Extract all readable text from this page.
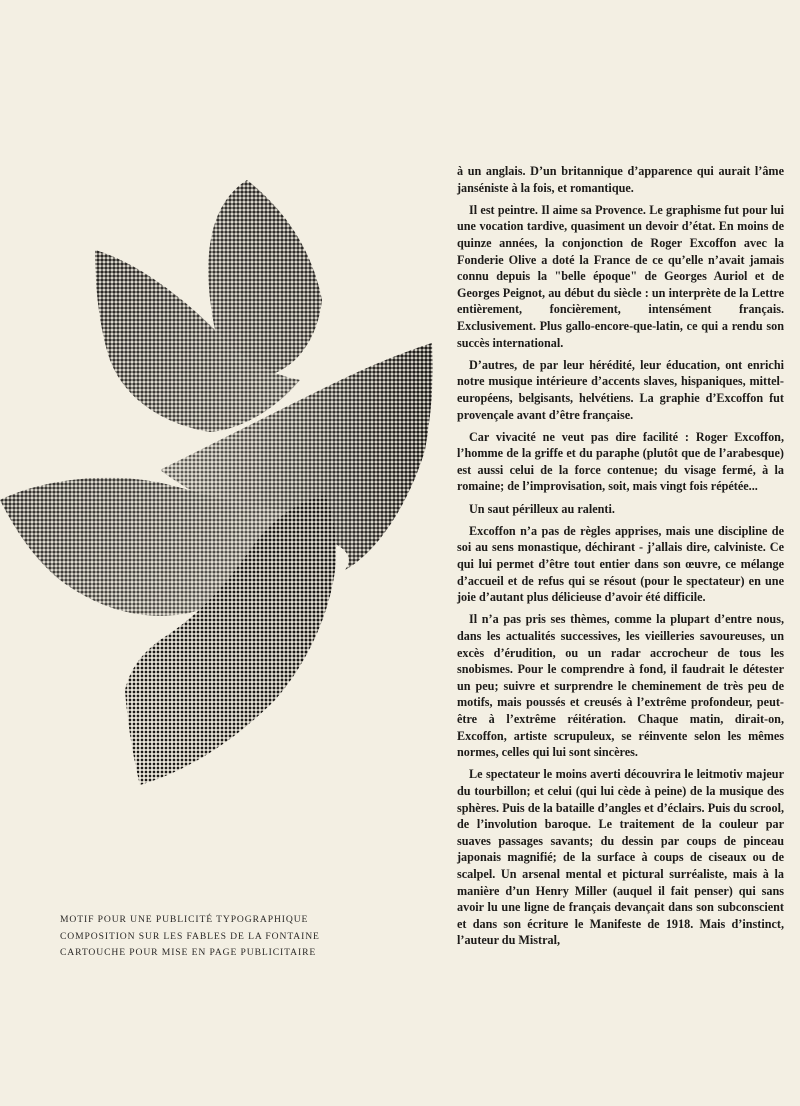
MOTIF POUR UNE PUBLICITÉ TYPOGRAPHIQUE
COMPOSITION SUR LES FABLES DE LA FONTAINE
CARTOUCHE POUR MISE EN PAGE PUBLICITAIRE

à un anglais. D’un britannique d’apparence qui aurait l’âme janséniste à la fois, et romantique.

Il est peintre. Il aime sa Provence. Le graphisme fut pour lui une vocation tardive, quasiment un devoir d’état. En moins de quinze années, la conjonction de Roger Excoffon avec la Fonderie Olive a doté la France de ce qu’elle n’avait jamais connu depuis la "belle époque" de Georges Auriol et de Georges Peignot, au début du siècle : un interprète de la Lettre entièrement, foncièrement, intensément français. Exclusivement. Plus gallo-encore-que-latin, ce qui a rendu son succès international.

D’autres, de par leur hérédité, leur éducation, ont enrichi notre musique intérieure d’accents slaves, hispaniques, mittel-européens, belgisants, helvétiens. La graphie d’Excoffon fut provençale avant d’être française.

Car vivacité ne veut pas dire facilité : Roger Excoffon, l’homme de la griffe et du paraphe (plutôt que de l’arabesque) est aussi celui de la force contenue; du visage fermé, à la romaine; de l’improvisation, soit, mais vingt fois répétée...

Un saut périlleux au ralenti.

Excoffon n’a pas de règles apprises, mais une discipline de soi au sens monastique, déchirant - j’allais dire, calviniste. Ce qui lui permet d’être tout entier dans son œuvre, ce mélange d’accueil et de refus qui se résout (pour le spectateur) en une joie d’autant plus délicieuse d’avoir été difficile.

Il n’a pas pris ses thèmes, comme la plupart d’entre nous, dans les actualités successives, les vieilleries savoureuses, un excès d’érudition, ou un radar accrocheur de tous les snobismes. Pour le comprendre à fond, il faudrait le détester un peu; suivre et surprendre le cheminement de très peu de motifs, mais poussés et creusés à l’extrême profondeur, peut-être à l’extrême réitération. Chaque matin, dirait-on, Excoffon, artiste scrupuleux, se réinvente selon les mêmes normes, celles qui lui sont sincères.

Le spectateur le moins averti découvrira le leitmotiv majeur du tourbillon; et celui (qui lui cède à peine) de la musique des sphères. Puis de la bataille d’angles et d’éclairs. Puis du scrool, de l’involution baroque. Le traitement de la couleur par suaves passages savants; du dessin par coups de pinceau japonais magnifié; de la surface à coups de ciseaux ou de scalpel. Un arsenal mental et pictural surréaliste, mais à la manière d’un Henry Miller (auquel il fait penser) qui sans avoir lu une ligne de français devançait dans son subconscient et dans son écriture le Manifeste de 1918. Mais d’instinct, l’auteur du Mistral,
